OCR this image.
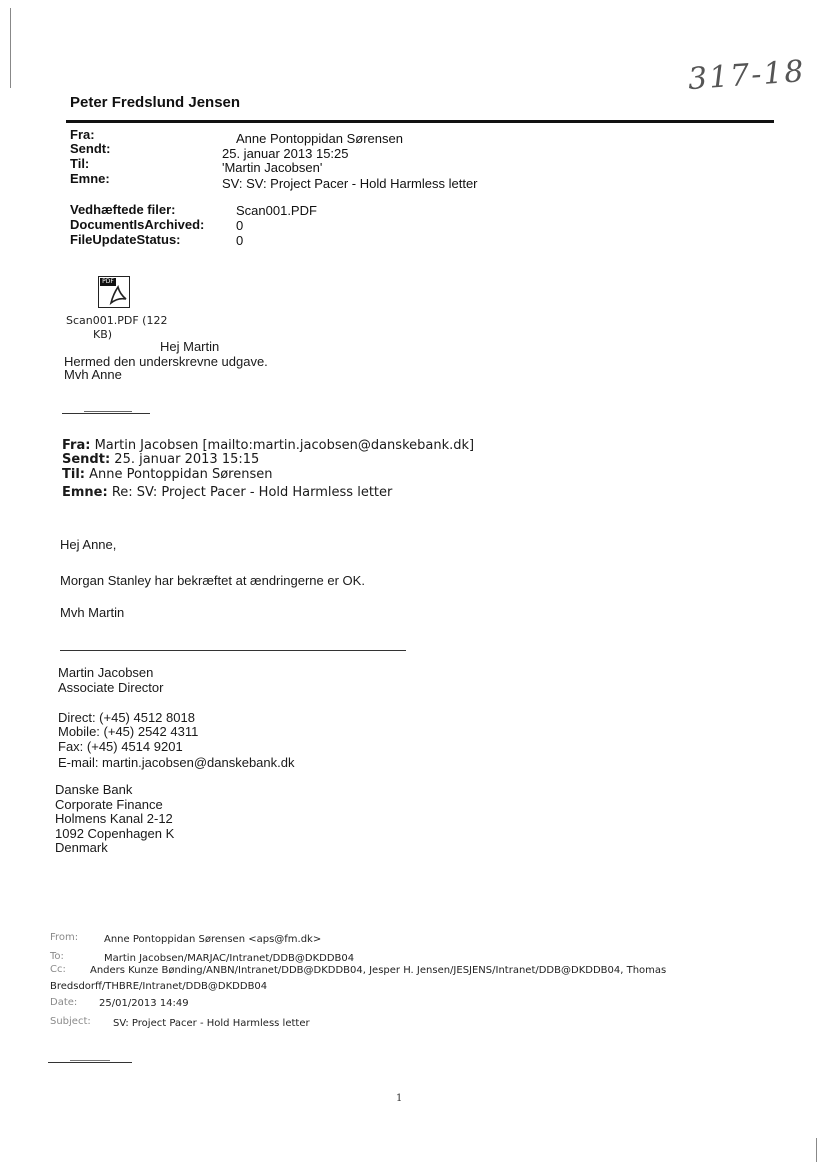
317-18
Peter Fredslund Jensen
Fra:
Sendt:
Til:
Emne:
Anne Pontoppidan Sørensen
25. januar 2013 15:25
'Martin Jacobsen'
SV: SV: Project Pacer - Hold Harmless letter
Vedhæftede filer:
DocumentIsArchived:
FileUpdateStatus:
Scan001.PDF
0
0
PDF
Scan001.PDF (122
KB)
Hej Martin
Hermed den underskrevne udgave.
Mvh Anne
Fra: Martin Jacobsen [mailto:martin.jacobsen@danskebank.dk]
Sendt: 25. januar 2013 15:15
Til: Anne Pontoppidan Sørensen
Emne: Re: SV: Project Pacer - Hold Harmless letter
Hej Anne,
Morgan Stanley har bekræftet at ændringerne er OK.
Mvh Martin
Martin Jacobsen
Associate Director
Direct: (+45) 4512 8018
Mobile: (+45) 2542 4311
Fax: (+45) 4514 9201
E-mail: martin.jacobsen@danskebank.dk
Danske Bank
Corporate Finance
Holmens Kanal 2-12
1092 Copenhagen K
Denmark
From:	Anne Pontoppidan Sørensen <aps@fm.dk>
To:	Martin Jacobsen/MARJAC/Intranet/DDB@DKDDB04
Cc: Anders Kunze Bønding/ANBN/Intranet/DDB@DKDDB04, Jesper H. Jensen/JESJENS/Intranet/DDB@DKDDB04, Thomas
Bredsdorff/THBRE/Intranet/DDB@DKDDB04
Date: 25/01/2013 14:49
Subject: SV: Project Pacer - Hold Harmless letter
1
